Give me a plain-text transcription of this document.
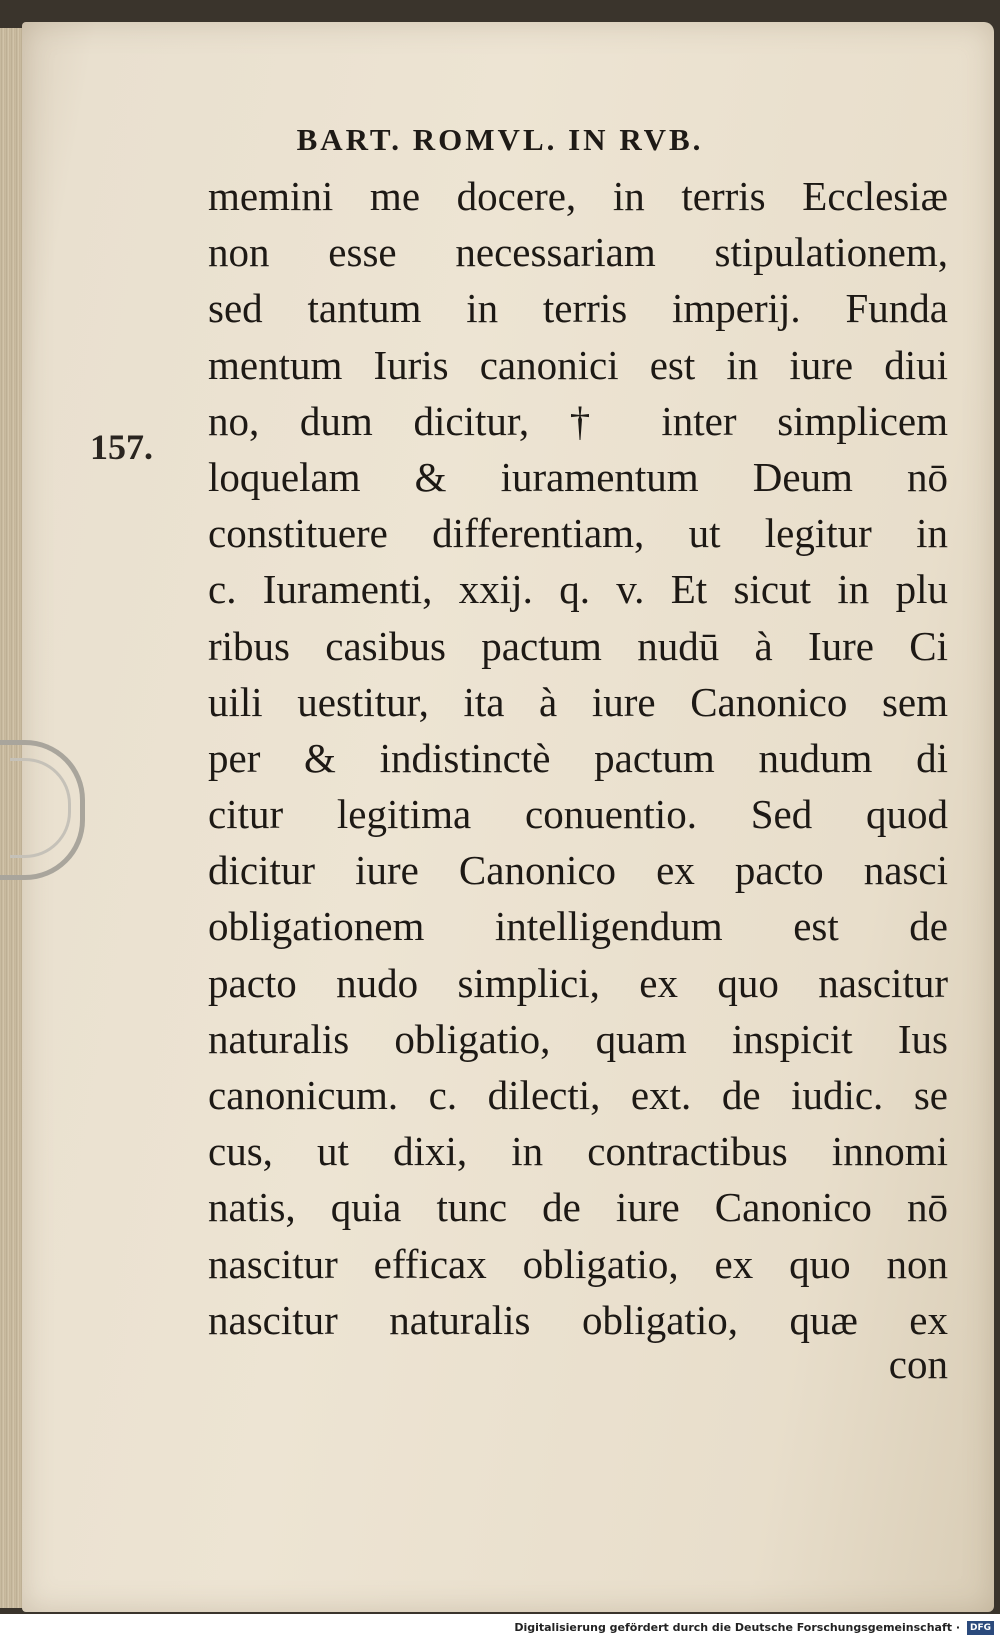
BART. ROMVL. IN RVB.
157.
memini me docere, in terris Ecclesiæ
non esse necessariam stipulationem,
sed tantum in terris imperij. Funda
mentum Iuris canonici est in iure diui
no, dum dicitur, † inter simplicem
loquelam & iuramentum Deum nō
constituere differentiam, ut legitur in
c. Iuramenti, xxij. q. v. Et sicut in plu
ribus casibus pactum nudū à Iure Ci
uili uestitur, ita à iure Canonico sem
per & indistinctè pactum nudum di
citur legitima conuentio. Sed quod
dicitur iure Canonico ex pacto nasci
obligationem intelligendum est de
pacto nudo simplici, ex quo nascitur
naturalis obligatio, quam inspicit Ius
canonicum. c. dilecti, ext. de iudic. se
cus, ut dixi, in contractibus innomi
natis, quia tunc de iure Canonico nō
nascitur efficax obligatio, ex quo non
nascitur naturalis obligatio, quæ ex
con
Digitalisierung gefördert durch die Deutsche Forschungsgemeinschaft ·	DFG
